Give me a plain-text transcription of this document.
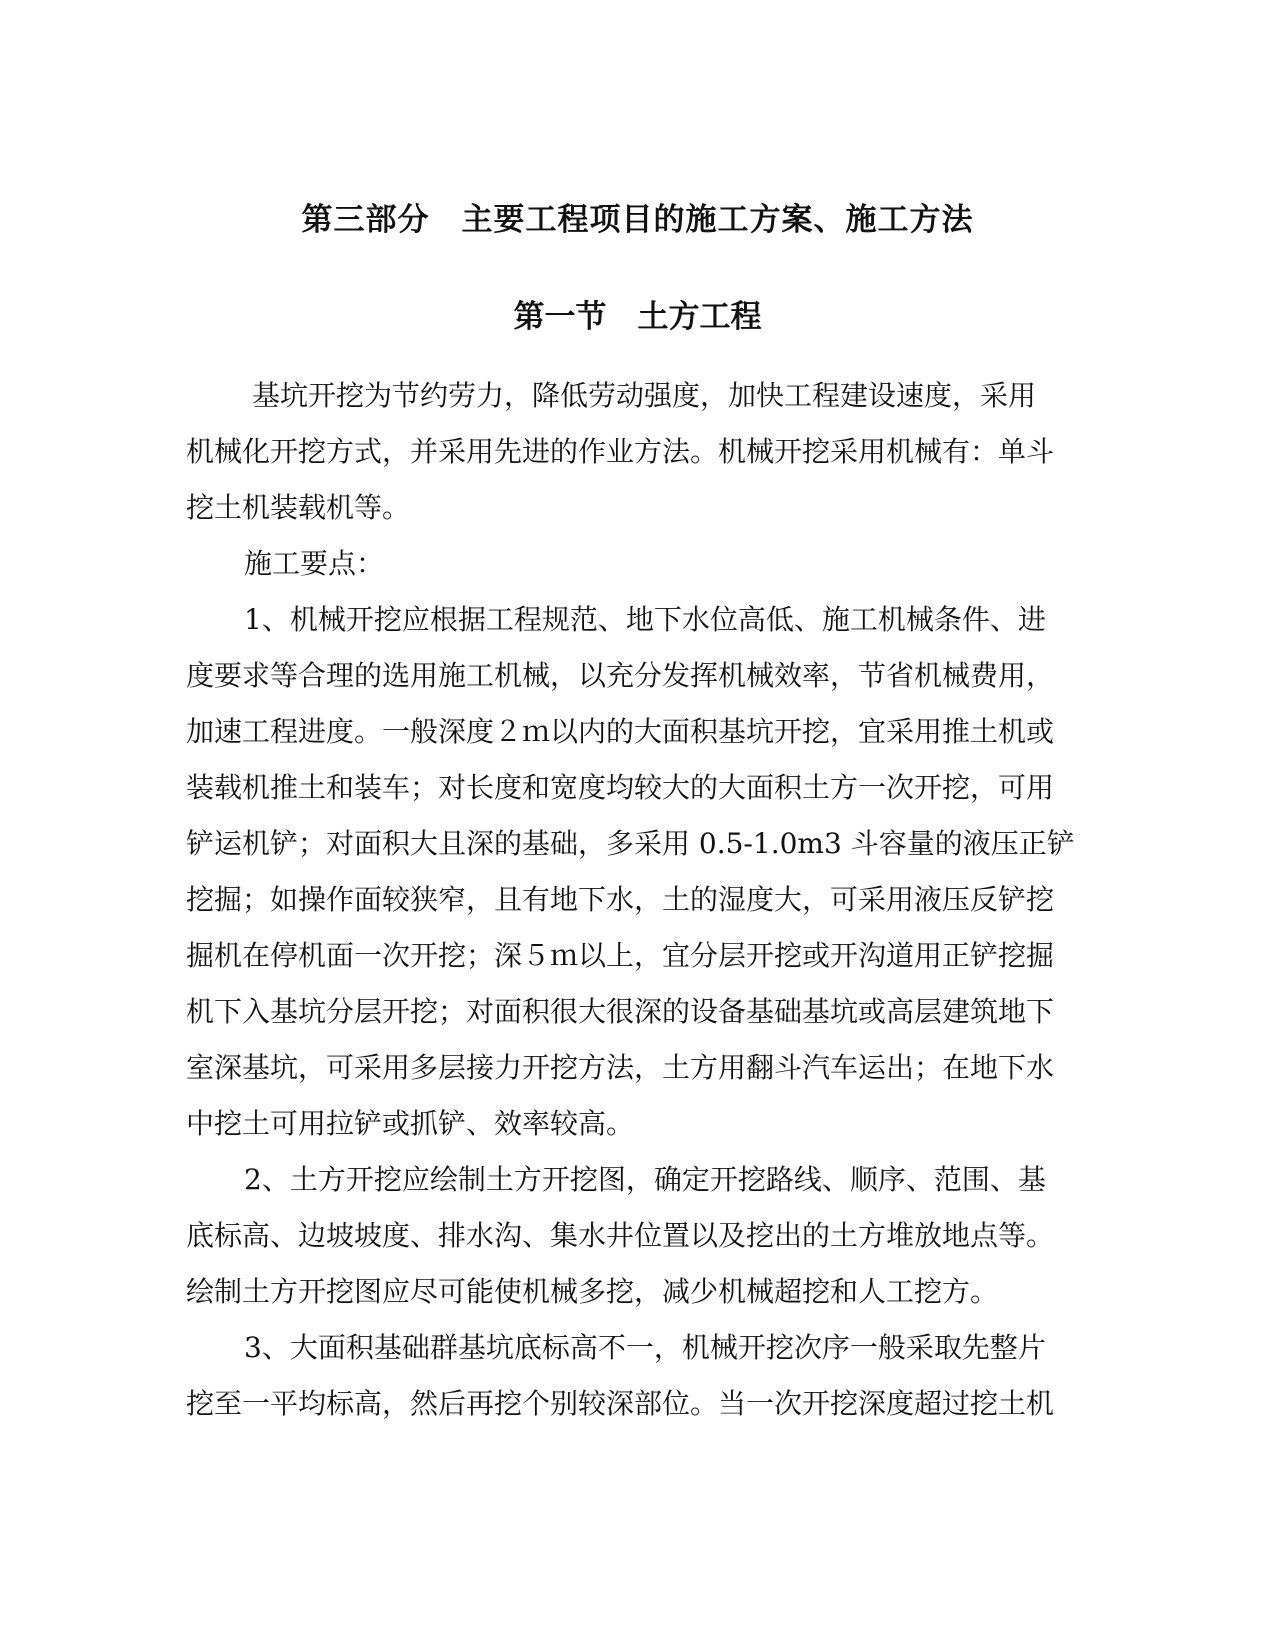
第三部分　主要工程项目的施工方案、施工方法
第一节　土方工程
基坑开挖为节约劳力，降低劳动强度，加快工程建设速度，采用
机械化开挖方式，并采用先进的作业方法。机械开挖采用机械有：单斗
挖土机装载机等。
施工要点：
1、机械开挖应根据工程规范、地下水位高低、施工机械条件、进
度要求等合理的选用施工机械，以充分发挥机械效率，节省机械费用，
加速工程进度。一般深度２ｍ以内的大面积基坑开挖，宜采用推土机或
装载机推土和装车；对长度和宽度均较大的大面积土方一次开挖，可用
铲运机铲；对面积大且深的基础，多采用 0.5-1.0m3 斗容量的液压正铲
挖掘；如操作面较狭窄，且有地下水，土的湿度大，可采用液压反铲挖
掘机在停机面一次开挖；深５ｍ以上，宜分层开挖或开沟道用正铲挖掘
机下入基坑分层开挖；对面积很大很深的设备基础基坑或高层建筑地下
室深基坑，可采用多层接力开挖方法，土方用翻斗汽车运出；在地下水
中挖土可用拉铲或抓铲、效率较高。
2、土方开挖应绘制土方开挖图，确定开挖路线、顺序、范围、基
底标高、边坡坡度、排水沟、集水井位置以及挖出的土方堆放地点等。
绘制土方开挖图应尽可能使机械多挖，减少机械超挖和人工挖方。
3、大面积基础群基坑底标高不一，机械开挖次序一般采取先整片
挖至一平均标高，然后再挖个别较深部位。当一次开挖深度超过挖土机
